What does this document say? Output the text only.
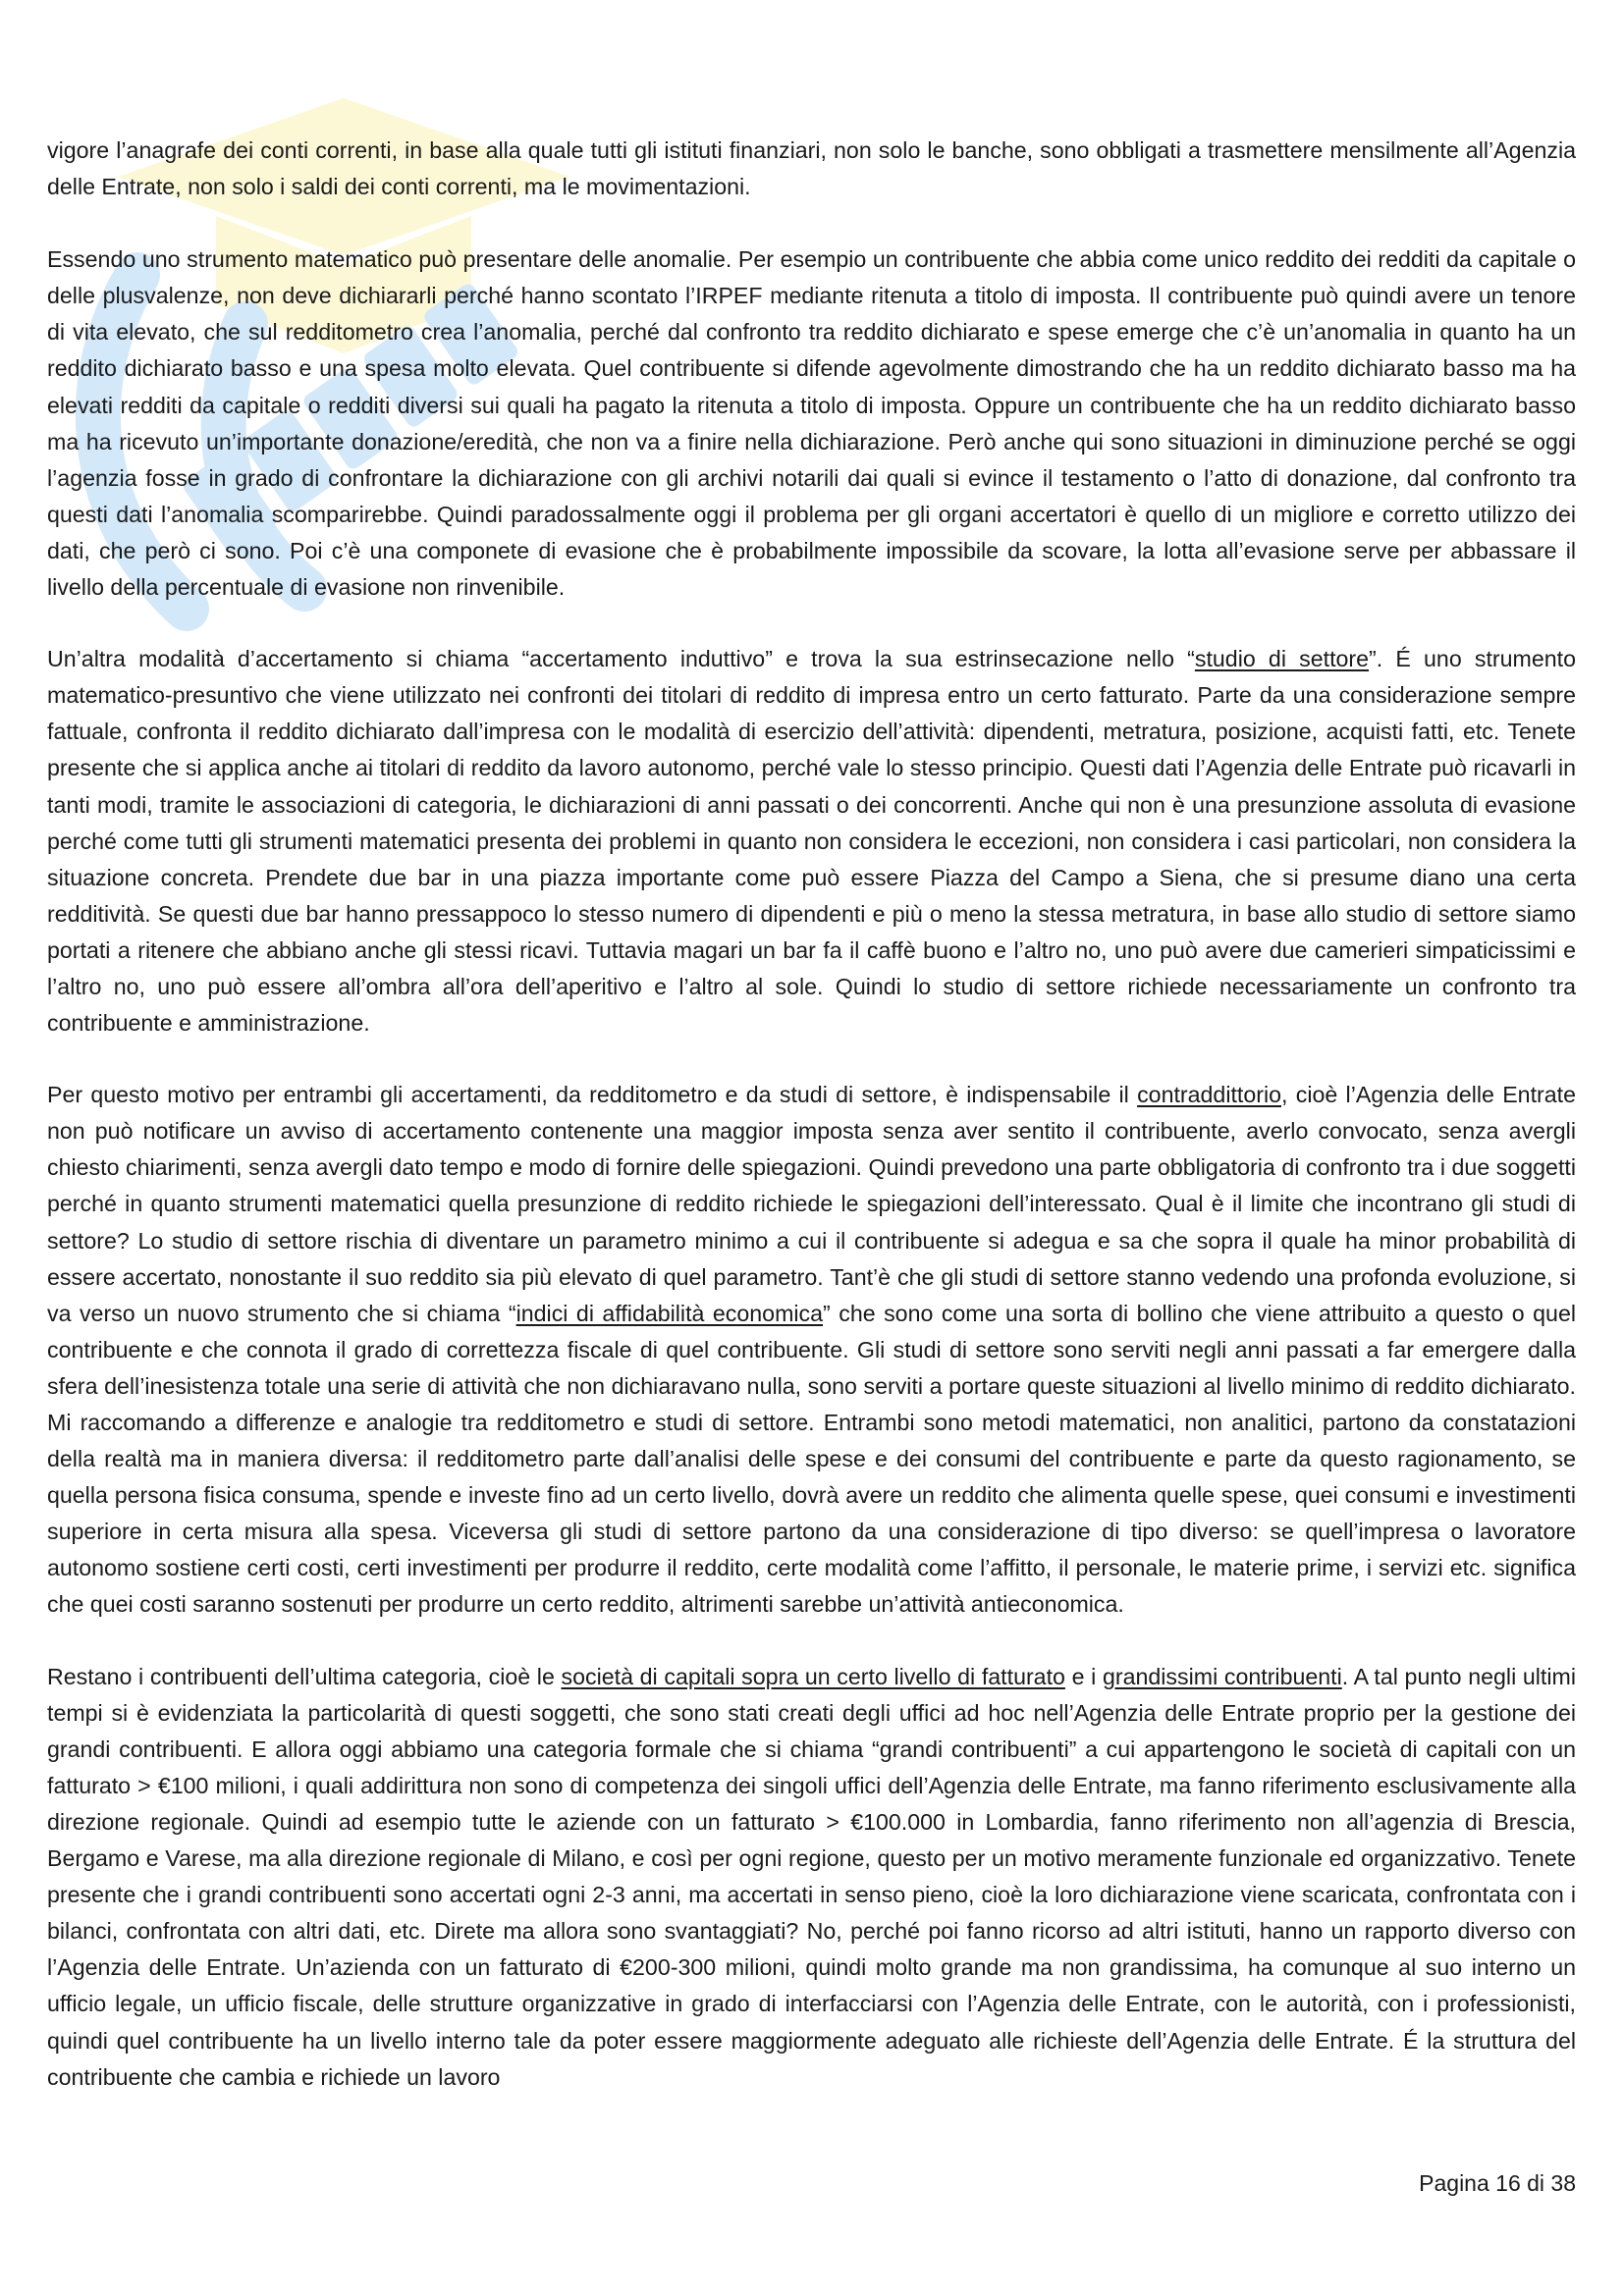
vigore l’anagrafe dei conti correnti, in base alla quale tutti gli istituti finanziari, non solo le banche, sono obbligati a trasmettere mensilmente all’Agenzia delle Entrate, non solo i saldi dei conti correnti, ma le movimentazioni.

Essendo uno strumento matematico può presentare delle anomalie. Per esempio un contribuente che abbia come unico reddito dei redditi da capitale o delle plusvalenze, non deve dichiararli perché hanno scontato l’IRPEF mediante ritenuta a titolo di imposta. Il contribuente può quindi avere un tenore di vita elevato, che sul redditometro crea l’anomalia, perché dal confronto tra reddito dichiarato e spese emerge che c’è un’anomalia in quanto ha un reddito dichiarato basso e una spesa molto elevata. Quel contribuente si difende agevolmente dimostrando che ha un reddito dichiarato basso ma ha elevati redditi da capitale o redditi diversi sui quali ha pagato la ritenuta a titolo di imposta. Oppure un contribuente che ha un reddito dichiarato basso ma ha ricevuto un’importante donazione/eredità, che non va a finire nella dichiarazione. Però anche qui sono situazioni in diminuzione perché se oggi l’agenzia fosse in grado di confrontare la dichiarazione con gli archivi notarili dai quali si evince il testamento o l’atto di donazione, dal confronto tra questi dati l’anomalia scomparirebbe. Quindi paradossalmente oggi il problema per gli organi accertatori è quello di un migliore e corretto utilizzo dei dati, che però ci sono. Poi c’è una componete di evasione che è probabilmente impossibile da scovare, la lotta all’evasione serve per abbassare il livello della percentuale di evasione non rinvenibile.

Un’altra modalità d’accertamento si chiama “accertamento induttivo” e trova la sua estrinsecazione nello “studio di settore”. É uno strumento matematico-presuntivo che viene utilizzato nei confronti dei titolari di reddito di impresa entro un certo fatturato. Parte da una considerazione sempre fattuale, confronta il reddito dichiarato dall’impresa con le modalità di esercizio dell’attività: dipendenti, metratura, posizione, acquisti fatti, etc. Tenete presente che si applica anche ai titolari di reddito da lavoro autonomo, perché vale lo stesso principio. Questi dati l’Agenzia delle Entrate può ricavarli in tanti modi, tramite le associazioni di categoria, le dichiarazioni di anni passati o dei concorrenti. Anche qui non è una presunzione assoluta di evasione perché come tutti gli strumenti matematici presenta dei problemi in quanto non considera le eccezioni, non considera i casi particolari, non considera la situazione concreta. Prendete due bar in una piazza importante come può essere Piazza del Campo a Siena, che si presume diano una certa redditività. Se questi due bar hanno pressappoco lo stesso numero di dipendenti e più o meno la stessa metratura, in base allo studio di settore siamo portati a ritenere che abbiano anche gli stessi ricavi. Tuttavia magari un bar fa il caffè buono e l’altro no, uno può avere due camerieri simpaticissimi e l’altro no, uno può essere all’ombra all’ora dell’aperitivo e l’altro al sole. Quindi lo studio di settore richiede necessariamente un confronto tra contribuente e amministrazione.

Per questo motivo per entrambi gli accertamenti, da redditometro e da studi di settore, è indispensabile il contraddittorio, cioè l’Agenzia delle Entrate non può notificare un avviso di accertamento contenente una maggior imposta senza aver sentito il contribuente, averlo convocato, senza avergli chiesto chiarimenti, senza avergli dato tempo e modo di fornire delle spiegazioni. Quindi prevedono una parte obbligatoria di confronto tra i due soggetti perché in quanto strumenti matematici quella presunzione di reddito richiede le spiegazioni dell’interessato. Qual è il limite che incontrano gli studi di settore? Lo studio di settore rischia di diventare un parametro minimo a cui il contribuente si adegua e sa che sopra il quale ha minor probabilità di essere accertato, nonostante il suo reddito sia più elevato di quel parametro. Tant’è che gli studi di settore stanno vedendo una profonda evoluzione, si va verso un nuovo strumento che si chiama “indici di affidabilità economica” che sono come una sorta di bollino che viene attribuito a questo o quel contribuente e che connota il grado di correttezza fiscale di quel contribuente. Gli studi di settore sono serviti negli anni passati a far emergere dalla sfera dell’inesistenza totale una serie di attività che non dichiaravano nulla, sono serviti a portare queste situazioni al livello minimo di reddito dichiarato. Mi raccomando a differenze e analogie tra redditometro e studi di settore. Entrambi sono metodi matematici, non analitici, partono da constatazioni della realtà ma in maniera diversa: il redditometro parte dall’analisi delle spese e dei consumi del contribuente e parte da questo ragionamento, se quella persona fisica consuma, spende e investe fino ad un certo livello, dovrà avere un reddito che alimenta quelle spese, quei consumi e investimenti superiore in certa misura alla spesa. Viceversa gli studi di settore partono da una considerazione di tipo diverso: se quell’impresa o lavoratore autonomo sostiene certi costi, certi investimenti per produrre il reddito, certe modalità come l’affitto, il personale, le materie prime, i servizi etc. significa che quei costi saranno sostenuti per produrre un certo reddito, altrimenti sarebbe un’attività antieconomica.

Restano i contribuenti dell’ultima categoria, cioè le società di capitali sopra un certo livello di fatturato e i grandissimi contribuenti. A tal punto negli ultimi tempi si è evidenziata la particolarità di questi soggetti, che sono stati creati degli uffici ad hoc nell’Agenzia delle Entrate proprio per la gestione dei grandi contribuenti. E allora oggi abbiamo una categoria formale che si chiama “grandi contribuenti” a cui appartengono le società di capitali con un fatturato > €100 milioni, i quali addirittura non sono di competenza dei singoli uffici dell’Agenzia delle Entrate, ma fanno riferimento esclusivamente alla direzione regionale. Quindi ad esempio tutte le aziende con un fatturato > €100.000 in Lombardia, fanno riferimento non all’agenzia di Brescia, Bergamo e Varese, ma alla direzione regionale di Milano, e così per ogni regione, questo per un motivo meramente funzionale ed organizzativo. Tenete presente che i grandi contribuenti sono accertati ogni 2-3 anni, ma accertati in senso pieno, cioè la loro dichiarazione viene scaricata, confrontata con i bilanci, confrontata con altri dati, etc. Direte ma allora sono svantaggiati? No, perché poi fanno ricorso ad altri istituti, hanno un rapporto diverso con l’Agenzia delle Entrate. Un’azienda con un fatturato di €200-300 milioni, quindi molto grande ma non grandissima, ha comunque al suo interno un ufficio legale, un ufficio fiscale, delle strutture organizzative in grado di interfacciarsi con l’Agenzia delle Entrate, con le autorità, con i professionisti, quindi quel contribuente ha un livello interno tale da poter essere maggiormente adeguato alle richieste dell’Agenzia delle Entrate. É la struttura del contribuente che cambia e richiede un lavoro

Pagina 16 di 38
